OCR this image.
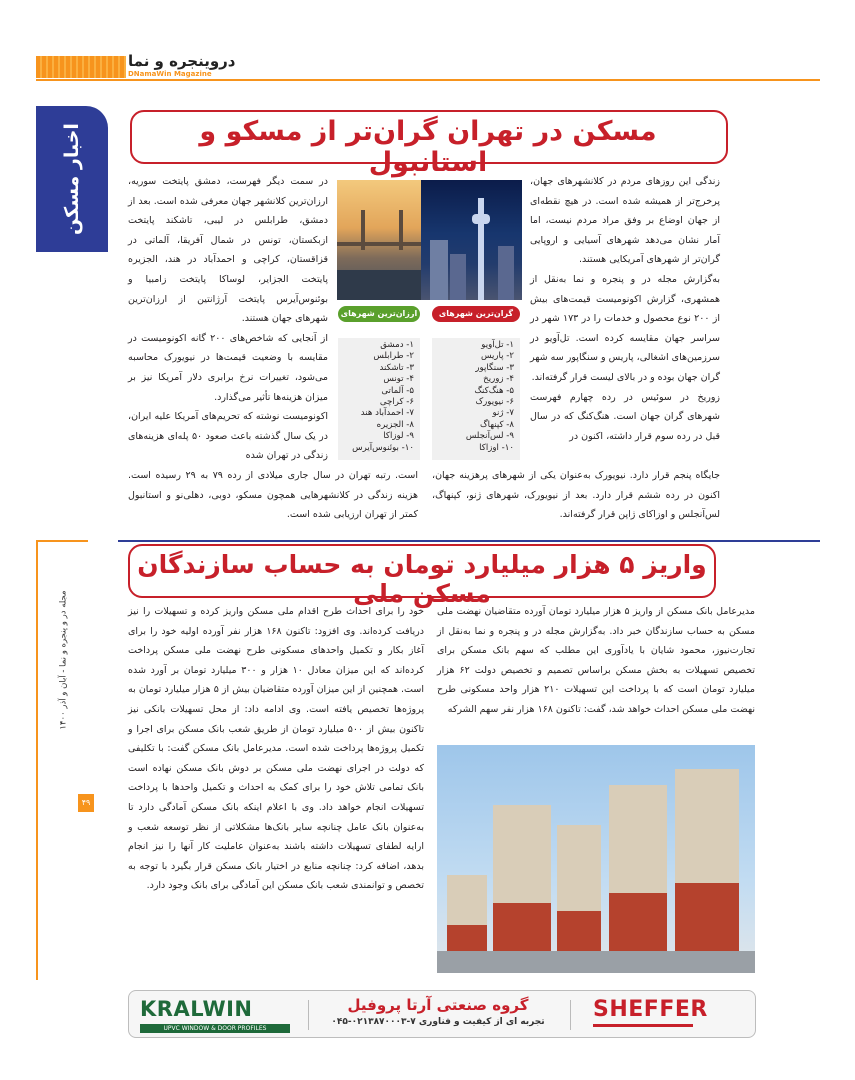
دروینجره و نما
DNamaWin Magazine
اخبار مسکن	مسکن در تهران گران‌تر از مسکو و استانبول

زندگی این روزهای مردم در کلانشهرهای جهان، پرخرج‌تر از همیشه شده است. در هیچ نقطه‌ای از جهان اوضاع بر وفق مراد مردم نیست، اما آمار نشان می‌دهد شهرهای آسیایی و اروپایی گران‌تر از شهرهای آمریکایی هستند.

به‌گزارش مجله در و پنجره و نما به‌نقل از همشهری، گزارش اکونومیست قیمت‌های بیش از ۲۰۰ نوع محصول و خدمات را در ۱۷۳ شهر در سراسر جهان مقایسه کرده است. تل‌آویو در سرزمین‌های اشغالی، پاریس و سنگاپور سه شهر گران جهان بوده و در بالای لیست قرار گرفته‌اند.

زوریخ در سوئیس در رده چهارم فهرست شهرهای گران جهان است. هنگ‌کنگ که در سال قبل در رده سوم قرار داشته، اکنون در

جایگاه پنجم قرار دارد. نیویورک به‌عنوان یکی از شهرهای پرهزینه جهان، اکنون در رده ششم قرار دارد. بعد از نیویورک، شهرهای ژنو، کپنهاگ، لس‌آنجلس و اوزاکای ژاپن قرار گرفته‌اند.

در سمت دیگر فهرست، دمشق پایتخت سوریه، ارزان‌ترین کلانشهر جهان معرفی شده است. بعد از دمشق، طرابلس در لیبی، تاشکند پایتخت ازبکستان، تونس در شمال آفریقا، آلماتی در قزاقستان، کراچی و احمدآباد در هند، الجزیره پایتخت الجزایر، لوساکا پایتخت زامبیا و بوئنوس‌آیرس پایتخت آرژانتین از ارزان‌ترین شهرهای جهان هستند.

از آنجایی که شاخص‌های ۲۰۰ گانه اکونومیست در مقایسه با وضعیت قیمت‌ها در نیویورک محاسبه می‌شود، تغییرات نرخ برابری دلار آمریکا نیز بر میزان هزینه‌ها تأثیر می‌گذارد.

اکونومیست نوشته که تحریم‌های آمریکا علیه ایران، در یک سال گذشته باعث صعود ۵۰ پله‌ای هزینه‌های زندگی در تهران شده

است. رتبه تهران در سال جاری میلادی از رده ۷۹ به ۲۹ رسیده است. هزینه زندگی در کلانشهرهایی همچون مسکو، دوبی، دهلی‌نو و استانبول کمتر از تهران ارزیابی شده است.

گران‌ترین شهرهای جهان
ارزان‌ترین شهرهای جهان
۱- تل‌آویو
۲- پاریس
۳- سنگاپور
۴- زوریخ
۵- هنگ‌کنگ
۶- نیویورک
۷- ژنو
۸- کپنهاگ
۹- لس‌آنجلس
۱۰- اوزاکا
۱- دمشق
۲- طرابلس
۳- تاشکند
۴- تونس
۵- آلماتی
۶- کراچی
۷- احمدآباد هند
۸- الجزیره
۹- لوزاکا
۱۰- بوئنوس‌آیرس
واریز ۵ هزار میلیارد تومان به حساب سازندگان مسکن ملی

مدیرعامل بانک مسکن از واریز ۵ هزار میلیارد تومان آورده متقاضیان نهضت ملی مسکن به حساب سازندگان خبر داد. به‌گزارش مجله در و پنجره و نما به‌نقل از تجارت‌نیوز، محمود شایان با یادآوری این مطلب که سهم بانک مسکن برای تخصیص تسهیلات به بخش مسکن براساس تصمیم و تخصیص دولت ۶۲ هزار میلیارد تومان است که با پرداخت این تسهیلات ۲۱۰ هزار واحد مسکونی طرح نهضت ملی مسکن احداث خواهد شد، گفت: تاکنون ۱۶۸ هزار نفر سهم الشرکه

خود را برای احداث طرح اقدام ملی مسکن واریز کرده و تسهیلات را نیز دریافت کرده‌اند. وی افزود: تاکنون ۱۶۸ هزار نفر آورده اولیه خود را برای آغاز بکار و تکمیل واحدهای مسکونی طرح نهضت ملی مسکن پرداخت کرده‌اند که این میزان معادل ۱۰ هزار و ۳۰۰ میلیارد تومان بر آورد شده است. همچنین از این میزان آورده متقاضیان بیش از ۵ هزار میلیارد تومان به پروژه‌ها تخصیص یافته است. وی ادامه داد: از محل تسهیلات بانکی نیز تاکنون بیش از ۵۰۰ میلیارد تومان از طریق شعب بانک مسکن برای اجرا و تکمیل پروژه‌ها پرداخت شده است. مدیرعامل بانک مسکن گفت: با تکلیفی که دولت در اجرای نهضت ملی مسکن بر دوش بانک مسکن نهاده است بانک تمامی تلاش خود را برای کمک به احداث و تکمیل واحدها با پرداخت تسهیلات انجام خواهد داد. وی با اعلام اینکه بانک مسکن آمادگی دارد تا به‌عنوان بانک عامل چنانچه سایر بانک‌ها مشکلاتی از نظر توسعه شعب و ارایه لطفای تسهیلات داشته باشند به‌عنوان عاملیت کار آنها را نیز انجام بدهد، اضافه کرد: چنانچه منابع در اختیار بانک مسکن قرار بگیرد با توجه به تخصص و توانمندی شعب بانک مسکن این آمادگی برای بانک وجود دارد.

مجله در و پنجره و نما - آبان و آذر ۱۴۰۰
۴۹
KRALWIN
UPVC WINDOW & DOOR PROFILES
گروه صنعتی آرتا پروفیل
تجربه ای از کیفیت و فناوری ۷-۰۲۱۳۸۷۰۰۰۳-۰۴۵	SHEFFER
